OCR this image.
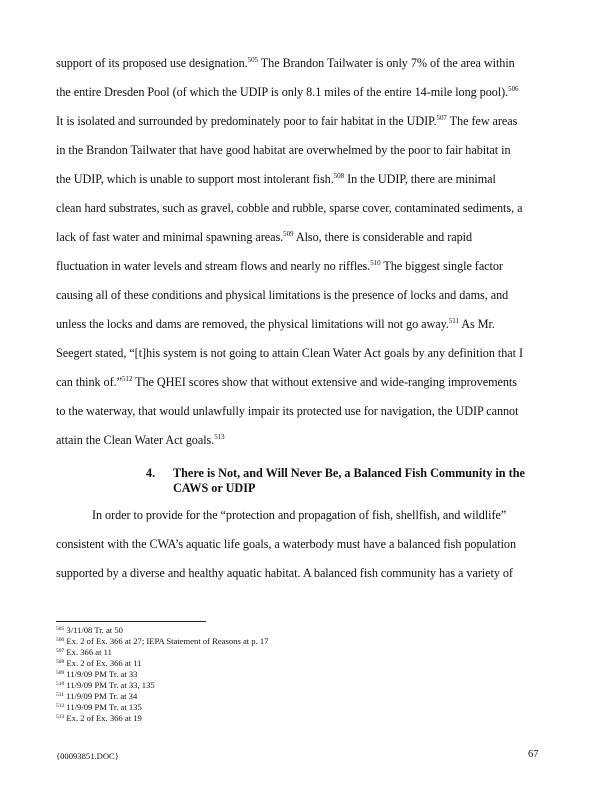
support of its proposed use designation.$^{505}$ The Brandon Tailwater is only 7% of the area within
the entire Dresden Pool (of which the UDIP is only 8.1 miles of the entire 14-mile long pool).$^{506}$
It is isolated and surrounded by predominately poor to fair habitat in the UDIP.$^{507}$ The few areas
in the Brandon Tailwater that have good habitat are overwhelmed by the poor to fair habitat in
the UDIP, which is unable to support most intolerant fish.$^{508}$ In the UDIP, there are minimal
clean hard substrates, such as gravel, cobble and rubble, sparse cover, contaminated sediments, a
lack of fast water and minimal spawning areas.$^{509}$ Also, there is considerable and rapid
fluctuation in water levels and stream flows and nearly no riffles.$^{510}$ The biggest single factor
causing all of these conditions and physical limitations is the presence of locks and dams, and
unless the locks and dams are removed, the physical limitations will not go away.$^{511}$ As Mr.
Seegert stated, “[t]his system is not going to attain Clean Water Act goals by any definition that I
can think of.”$^{512}$ The QHEI scores show that without extensive and wide-ranging improvements
to the waterway, that would unlawfully impair its protected use for navigation, the UDIP cannot
attain the Clean Water Act goals.$^{513}$
4. There is Not, and Will Never Be, a Balanced Fish Community in the
CAWS or UDIP
In order to provide for the “protection and propagation of fish, shellfish, and wildlife”
consistent with the CWA’s aquatic life goals, a waterbody must have a balanced fish population
supported by a diverse and healthy aquatic habitat. A balanced fish community has a variety of
$^{505}$ 3/11/08 Tr. at 50
$^{506}$ Ex. 2 of Ex. 366 at 27; IEPA Statement of Reasons at p. 17
$^{507}$ Ex. 366 at 11
$^{508}$ Ex. 2 of Ex. 366 at 11
$^{509}$ 11/9/09 PM Tr. at 33
$^{510}$ 11/9/09 PM Tr. at 33, 135
$^{511}$ 11/9/09 PM Tr. at 34
$^{512}$ 11/9/09 PM Tr. at 135
$^{513}$ Ex. 2 of Ex. 366 at 19
{00093851.DOC}	67
